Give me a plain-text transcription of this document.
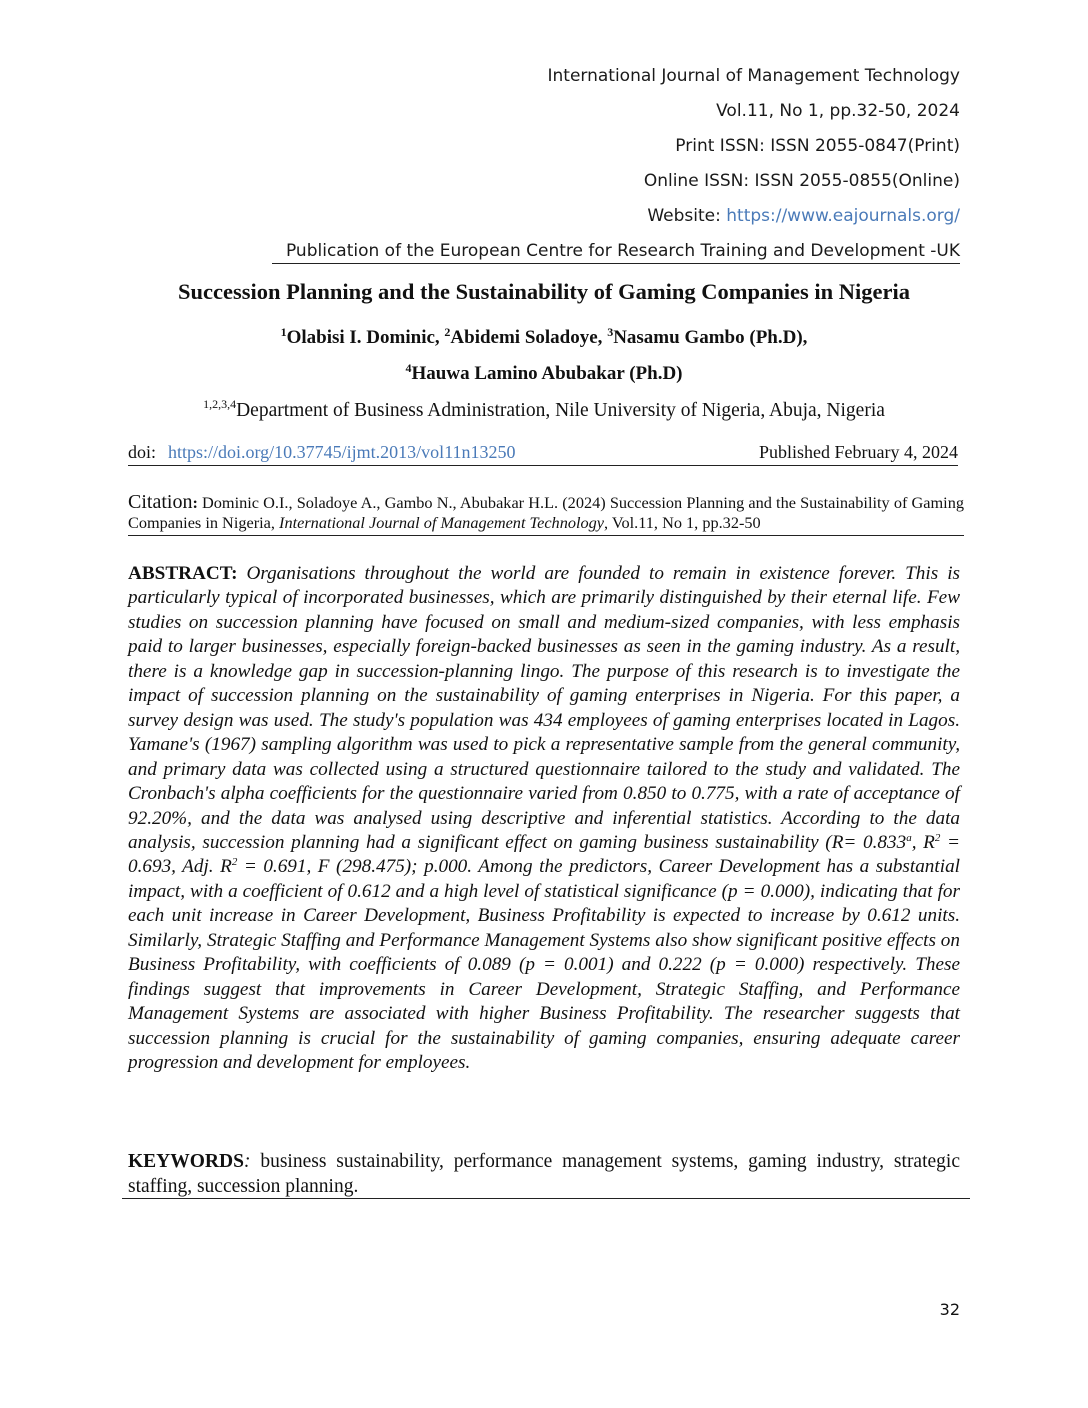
International Journal of Management Technology
Vol.11, No 1, pp.32-50, 2024
Print ISSN: ISSN 2055-0847(Print)
Online ISSN: ISSN 2055-0855(Online)
Website: https://www.eajournals.org/
Publication of the European Centre for Research Training and Development -UK
Succession Planning and the Sustainability of Gaming Companies in Nigeria
$^1$Olabisi I. Dominic, $^2$Abidemi Soladoye, $^3$Nasamu Gambo (Ph.D),
$^4$Hauwa Lamino Abubakar (Ph.D)
$^{1,2,3,4}$Department of Business Administration, Nile University of Nigeria, Abuja, Nigeria
doi: https://doi.org/10.37745/ijmt.2013/vol11n13250	Published February 4, 2024
Citation: Dominic O.I., Soladoye A., Gambo N., Abubakar H.L. (2024) Succession Planning and the Sustainability of Gaming Companies in Nigeria, International Journal of Management Technology, Vol.11, No 1, pp.32-50
ABSTRACT: Organisations throughout the world are founded to remain in existence forever. This is particularly typical of incorporated businesses, which are primarily distinguished by their eternal life. Few studies on succession planning have focused on small and medium-sized companies, with less emphasis paid to larger businesses, especially foreign-backed businesses as seen in the gaming industry. As a result, there is a knowledge gap in succession-planning lingo. The purpose of this research is to investigate the impact of succession planning on the sustainability of gaming enterprises in Nigeria. For this paper, a survey design was used. The study's population was 434 employees of gaming enterprises located in Lagos. Yamane's (1967) sampling algorithm was used to pick a representative sample from the general community, and primary data was collected using a structured questionnaire tailored to the study and validated. The Cronbach's alpha coefficients for the questionnaire varied from 0.850 to 0.775, with a rate of acceptance of 92.20%, and the data was analysed using descriptive and inferential statistics. According to the data analysis, succession planning had a significant effect on gaming business sustainability (R= 0.833$^a$, $R^2 = 0.693$, Adj. $R^2 = 0.691$, F (298.475); p.000. Among the predictors, Career Development has a substantial impact, with a coefficient of 0.612 and a high level of statistical significance (p = 0.000), indicating that for each unit increase in Career Development, Business Profitability is expected to increase by 0.612 units. Similarly, Strategic Staffing and Performance Management Systems also show significant positive effects on Business Profitability, with coefficients of 0.089 (p = 0.001) and 0.222 (p = 0.000) respectively. These findings suggest that improvements in Career Development, Strategic Staffing, and Performance Management Systems are associated with higher Business Profitability. The researcher suggests that succession planning is crucial for the sustainability of gaming companies, ensuring adequate career progression and development for employees.
KEYWORDS: business sustainability, performance management systems, gaming industry, strategic staffing, succession planning.
32
